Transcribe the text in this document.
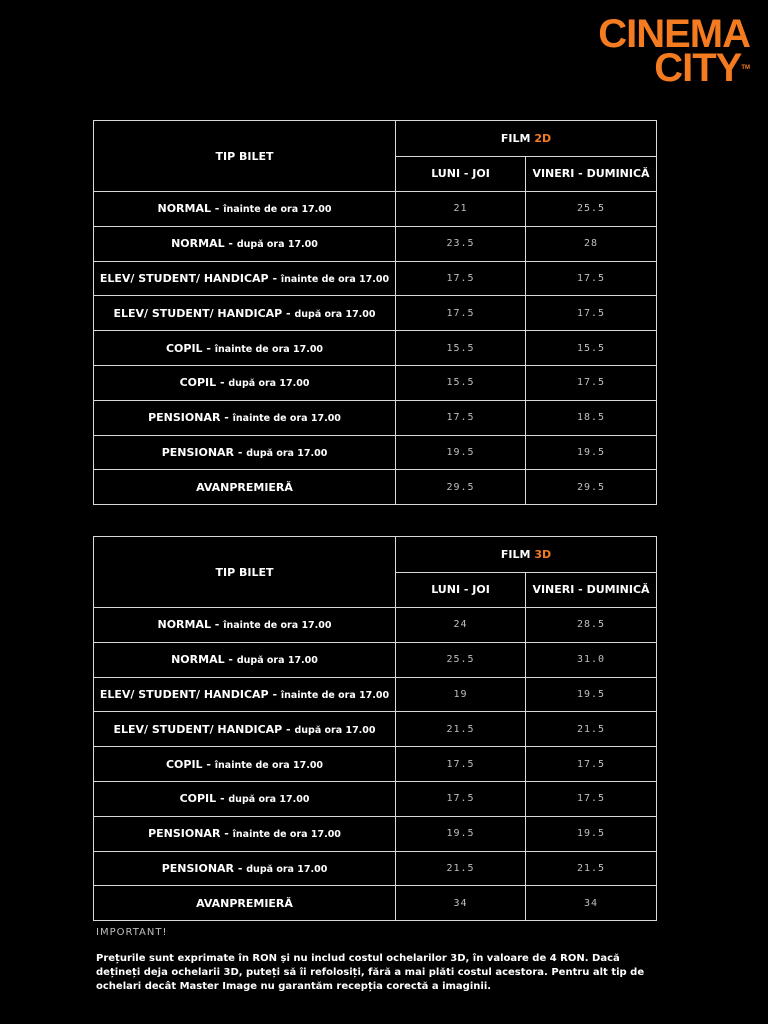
CINEMA
CITYTM
TIP BILET	FILM 2D	
	LUNI - JOI	VINERI - DUMINICĂ
NORMAL - înainte de ora 17.00	21	25.5
NORMAL - după ora 17.00	23.5	28
ELEV/ STUDENT/ HANDICAP - înainte de ora 17.00	17.5	17.5
ELEV/ STUDENT/ HANDICAP - după ora 17.00	17.5	17.5
COPIL - înainte de ora 17.00	15.5	15.5
COPIL - după ora 17.00	15.5	17.5
PENSIONAR - înainte de ora 17.00	17.5	18.5
PENSIONAR - după ora 17.00	19.5	19.5
AVANPREMIERĂ	29.5	29.5
TIP BILET	FILM 3D	
	LUNI - JOI	VINERI - DUMINICĂ
NORMAL - înainte de ora 17.00	24	28.5
NORMAL - după ora 17.00	25.5	31.0
ELEV/ STUDENT/ HANDICAP - înainte de ora 17.00	19	19.5
ELEV/ STUDENT/ HANDICAP - după ora 17.00	21.5	21.5
COPIL - înainte de ora 17.00	17.5	17.5
COPIL - după ora 17.00	17.5	17.5
PENSIONAR - înainte de ora 17.00	19.5	19.5
PENSIONAR - după ora 17.00	21.5	21.5
AVANPREMIERĂ	34	34
IMPORTANT!
Prețurile sunt exprimate în RON și nu includ costul ochelarilor 3D, în valoare de 4 RON. Dacă dețineți deja ochelarii 3D, puteți să îi refolosiți, fără a mai plăti costul acestora. Pentru alt tip de ochelari decât Master Image nu garantăm recepția corectă a imaginii.
